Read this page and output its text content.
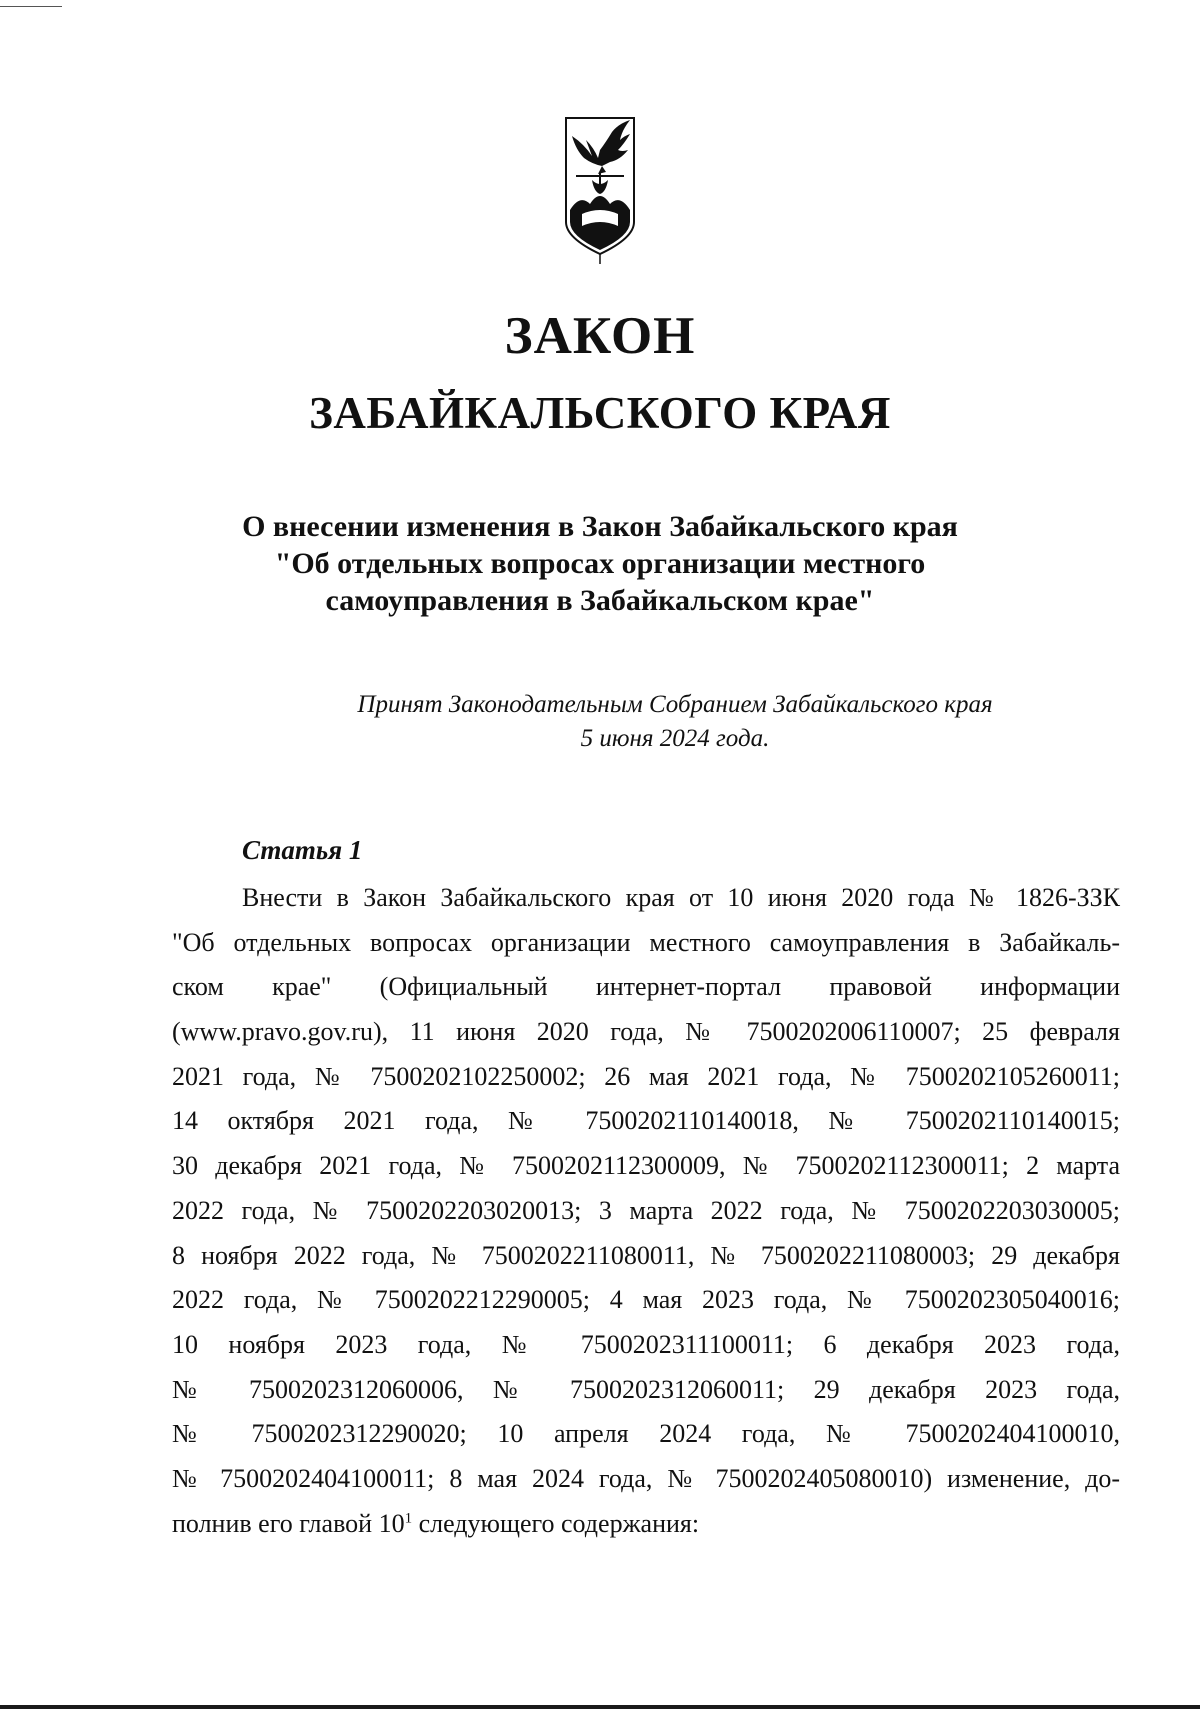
ЗАКОН
ЗАБАЙКАЛЬСКОГО КРАЯ
О внесении изменения в Закон Забайкальского края
"Об отдельных вопросах организации местного
самоуправления в Забайкальском крае"
Принят Законодательным Собранием Забайкальского края
5 июня 2024 года.
Статья 1
Внести в Закон Забайкальского края от 10 июня 2020 года № 1826-ЗЗК
"Об отдельных вопросах организации местного самоуправления в Забайкаль-
ском крае" (Официальный интернет-портал правовой информации
(www.pravo.gov.ru), 11 июня 2020 года, № 7500202006110007; 25 февраля
2021 года, № 7500202102250002; 26 мая 2021 года, № 7500202105260011;
14 октября 2021 года, № 7500202110140018, № 7500202110140015;
30 декабря 2021 года, № 7500202112300009, № 7500202112300011; 2 марта
2022 года, № 7500202203020013; 3 марта 2022 года, № 7500202203030005;
8 ноября 2022 года, № 7500202211080011, № 7500202211080003; 29 декабря
2022 года, № 7500202212290005; 4 мая 2023 года, № 7500202305040016;
10 ноября 2023 года, № 7500202311100011; 6 декабря 2023 года,
№ 7500202312060006, № 7500202312060011; 29 декабря 2023 года,
№ 7500202312290020; 10 апреля 2024 года, № 7500202404100010,
№ 7500202404100011; 8 мая 2024 года, № 7500202405080010) изменение, до-
полнив его главой $10^1$ следующего содержания:
